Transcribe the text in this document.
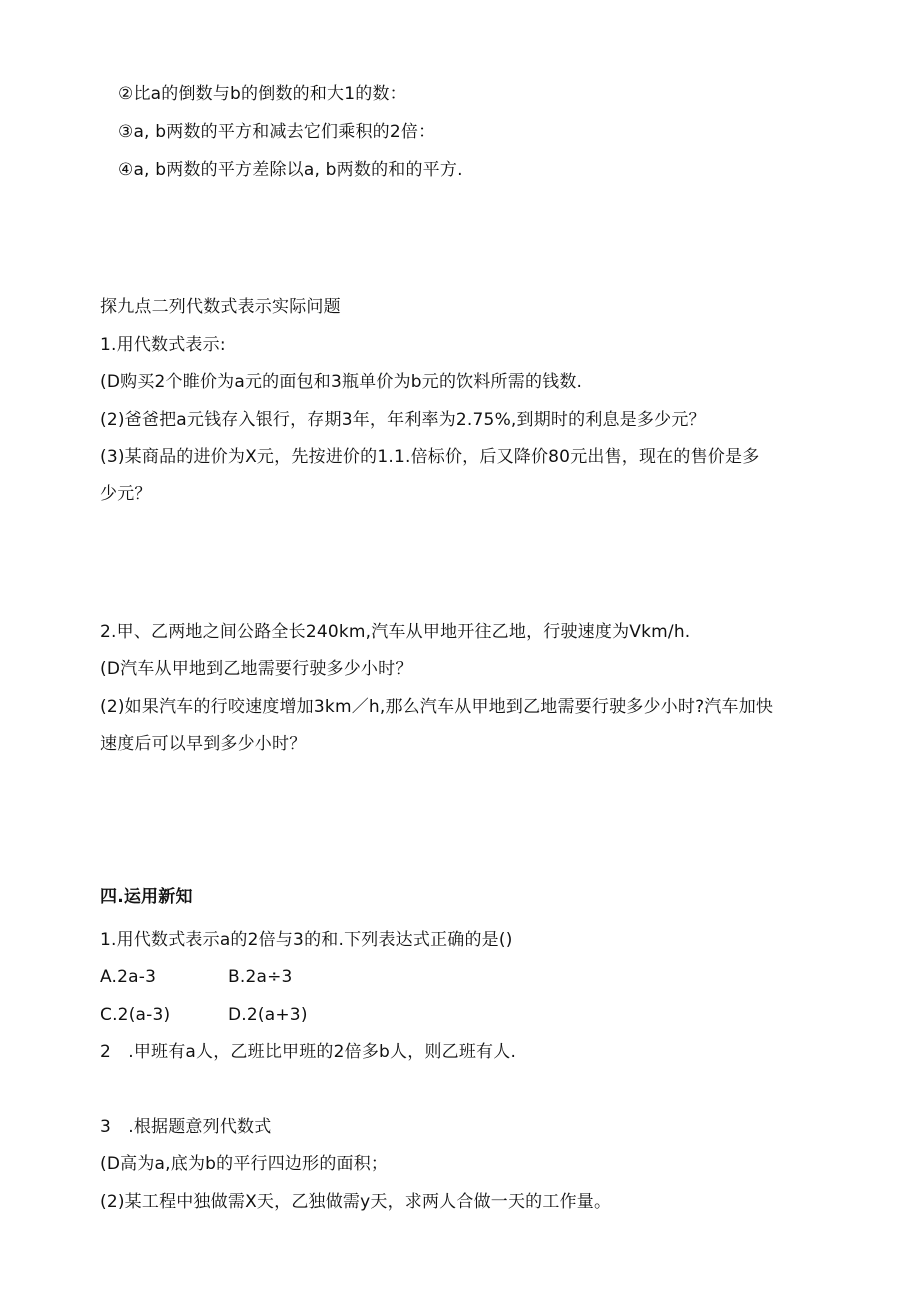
②比a的倒数与b的倒数的和大1的数：
③a, b两数的平方和减去它们乘积的2倍：
④a, b两数的平方差除以a, b两数的和的平方.
探九点二列代数式表示实际问题
1.用代数式表示:
(D购买2个睢价为a元的面包和3瓶单价为b元的饮料所需的钱数.
(2)爸爸把a元钱存入银行，存期3年，年利率为2.75%,到期时的利息是多少元？
(3)某商品的进价为X元，先按进价的1.1.倍标价，后又降价80元出售，现在的售价是多
少元？
2.甲、乙两地之间公路全长240km,汽车从甲地开往乙地，行驶速度为Vkm/h.
(D汽车从甲地到乙地需要行驶多少小时？
(2)如果汽车的行咬速度增加3km／h,那么汽车从甲地到乙地需要行驶多少小时?汽车加快
速度后可以早到多少小时？
四.运用新知
1.用代数式表示a的2倍与3的和.下列表达式正确的是()
A.2a-3	B.2a÷3
C.2(a-3)	D.2(a+3)
2　.甲班有a人，乙班比甲班的2倍多b人，则乙班有人.
3　.根据题意列代数式
(D高为a,底为b的平行四边形的面积；
(2)某工程中独做需X天，乙独做需y天，求两人合做一天的工作量。
